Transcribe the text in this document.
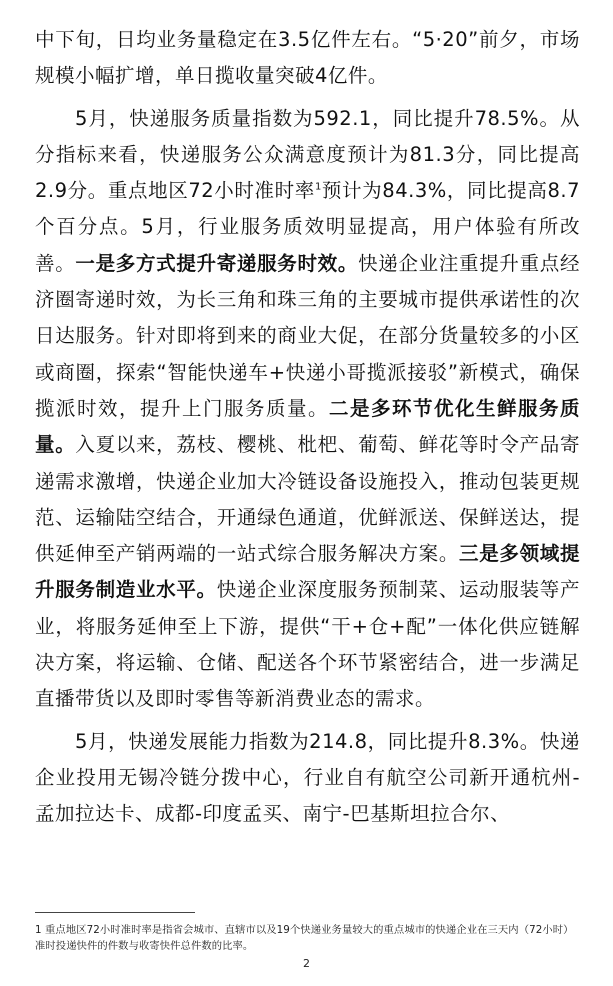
中下旬，日均业务量稳定在3.5亿件左右。“5·20”前夕，市场规模小幅扩增，单日揽收量突破4亿件。

5月，快递服务质量指数为592.1，同比提升78.5%。从分指标来看，快递服务公众满意度预计为81.3分，同比提高2.9分。重点地区72小时准时率$^1$预计为84.3%，同比提高8.7个百分点。5月，行业服务质效明显提高，用户体验有所改善。一是多方式提升寄递服务时效。快递企业注重提升重点经济圈寄递时效，为长三角和珠三角的主要城市提供承诺性的次日达服务。针对即将到来的商业大促，在部分货量较多的小区或商圈，探索“智能快递车+快递小哥揽派接驳”新模式，确保揽派时效，提升上门服务质量。二是多环节优化生鲜服务质量。入夏以来，荔枝、樱桃、枇杷、葡萄、鲜花等时令产品寄递需求激增，快递企业加大冷链设备设施投入，推动包装更规范、运输陆空结合，开通绿色通道，优鲜派送、保鲜送达，提供延伸至产销两端的一站式综合服务解决方案。三是多领域提升服务制造业水平。快递企业深度服务预制菜、运动服装等产业，将服务延伸至上下游，提供“干+仓+配”一体化供应链解决方案，将运输、仓储、配送各个环节紧密结合，进一步满足直播带货以及即时零售等新消费业态的需求。

5月，快递发展能力指数为214.8，同比提升8.3%。快递企业投用无锡冷链分拨中心，行业自有航空公司新开通杭州-孟加拉达卡、成都-印度孟买、南宁-巴基斯坦拉合尔、

1 重点地区72小时准时率是指省会城市、直辖市以及19个快递业务量较大的重点城市的快递企业在三天内（72小时）准时投递快件的件数与收寄快件总件数的比率。

2
